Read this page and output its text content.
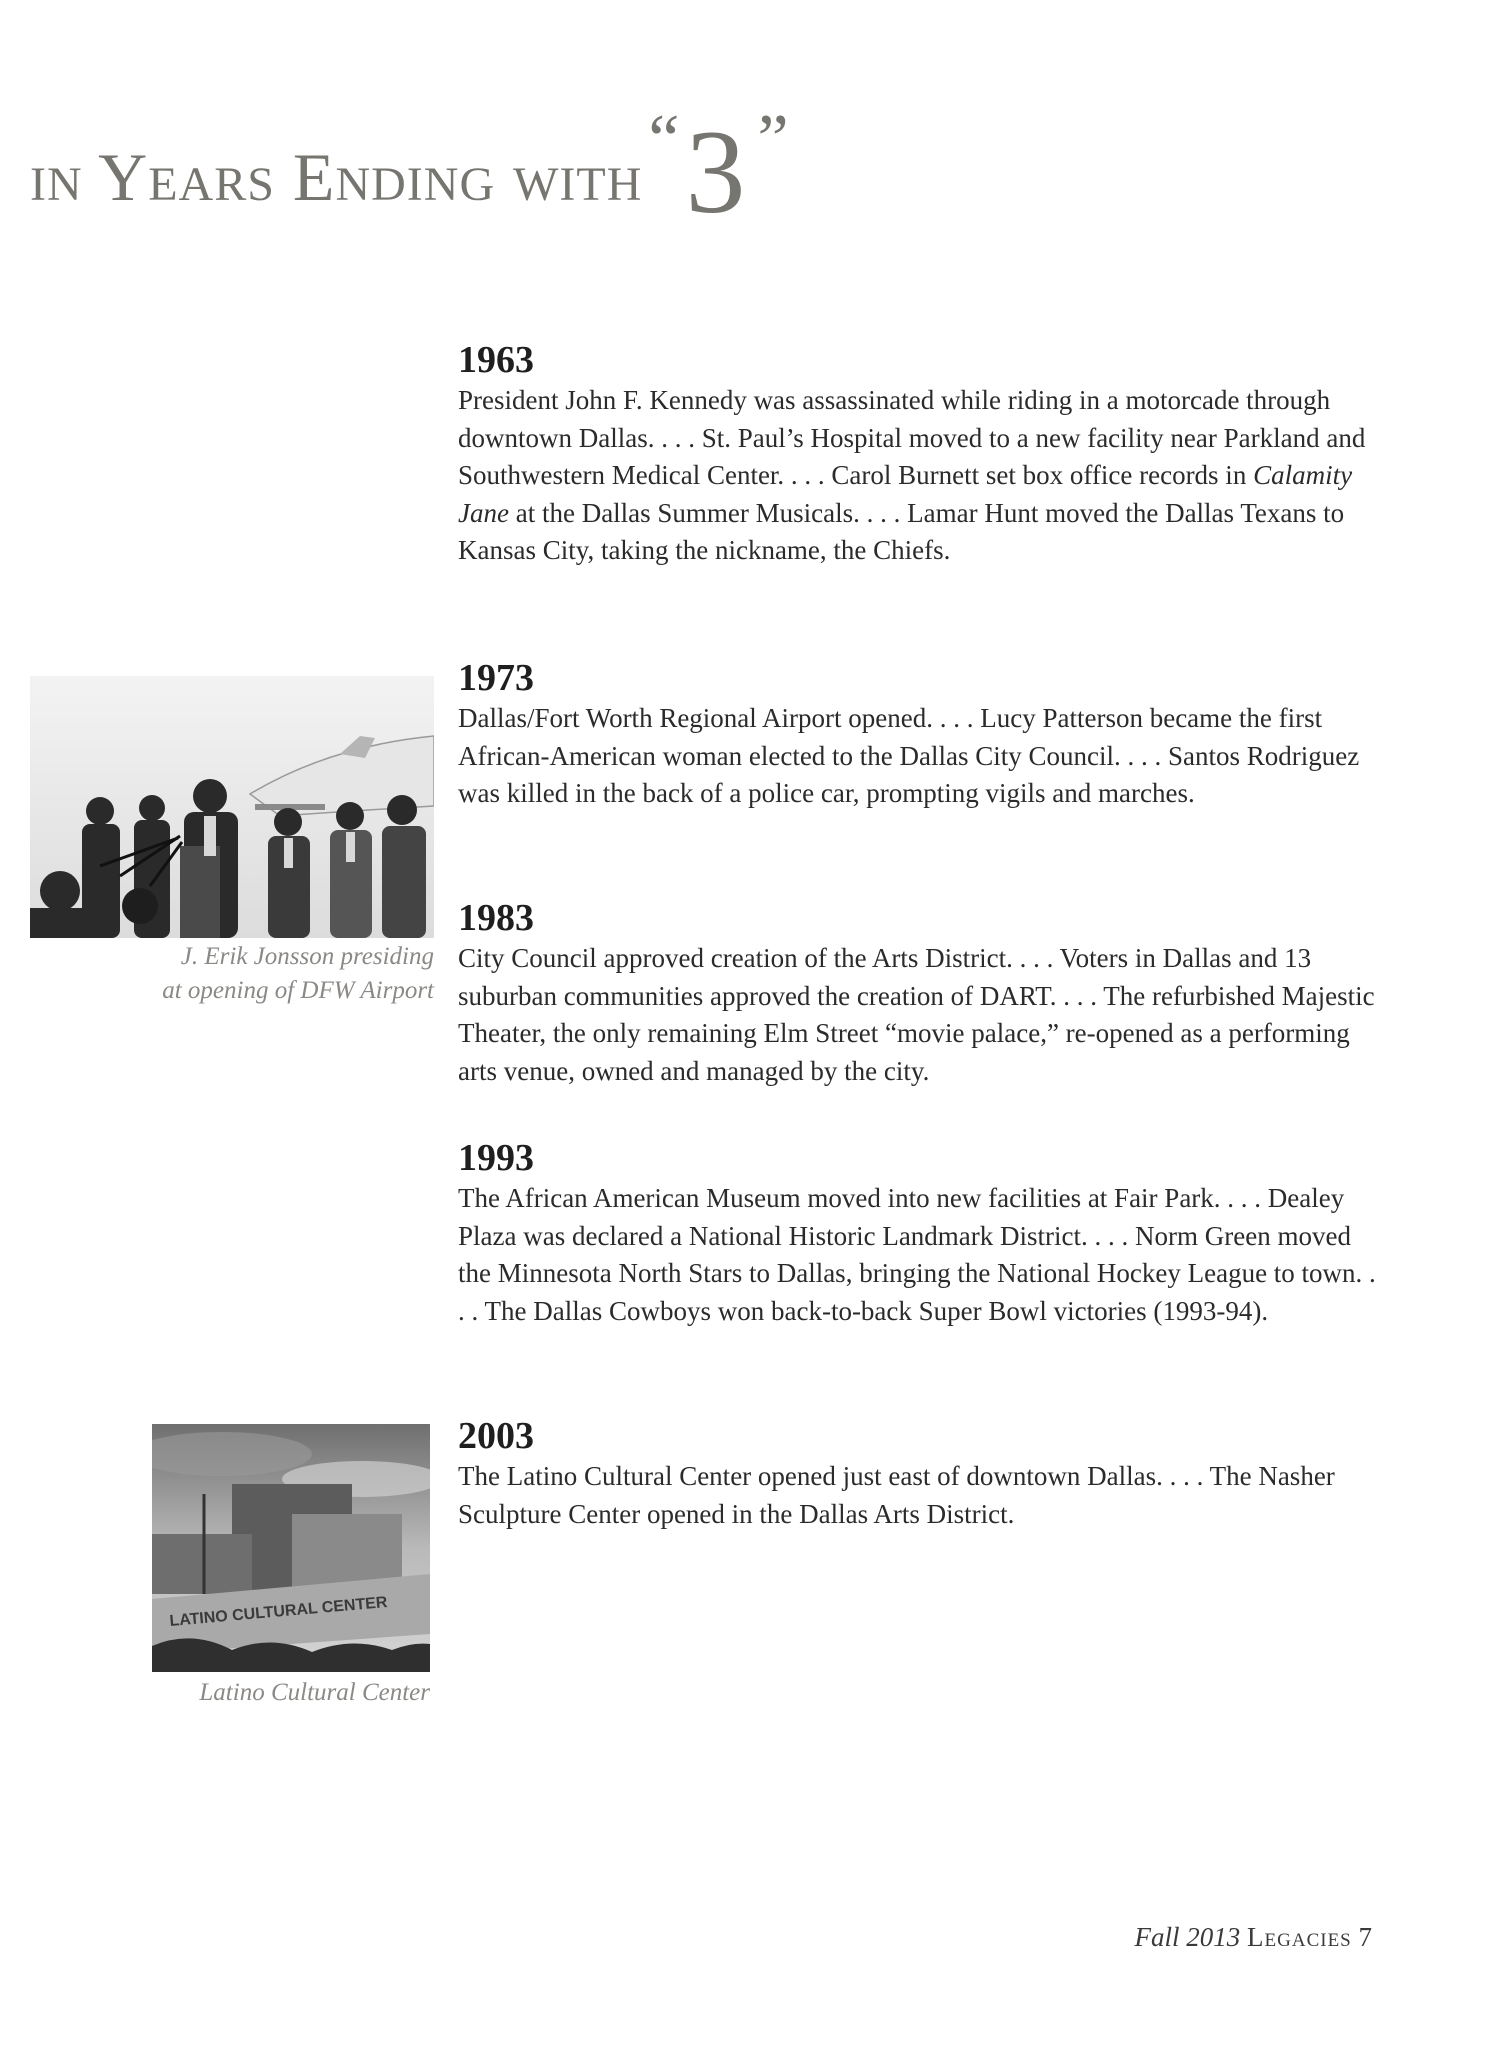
in Years Ending with“3 ”

1963

President John F. Kennedy was assassinated while riding in a motorcade through downtown Dallas. . . . St. Paul’s Hospital moved to a new facility near Parkland and Southwestern Medical Center. . . . Carol Burnett set box office records in Calamity Jane at the Dallas Summer Musicals. . . . Lamar Hunt moved the Dallas Texans to Kansas City, taking the nickname, the Chiefs.

1973

Dallas/Fort Worth Regional Airport opened. . . . Lucy Patterson became the first African-American woman elected to the Dallas City Council. . . . Santos Rodriguez was killed in the back of a police car, prompting vigils and marches.

1983

City Council approved creation of the Arts District. . . . Voters in Dallas and 13 suburban communities approved the creation of DART. . . . The refurbished Majestic Theater, the only remaining Elm Street “movie palace,” re-opened as a performing arts venue, owned and managed by the city.

1993

The African American Museum moved into new facilities at Fair Park. . . . Dealey Plaza was declared a National Historic Landmark District. . . . Norm Green moved the Minnesota North Stars to Dallas, bringing the National Hockey League to town. . . . The Dallas Cowboys won back-to-back Super Bowl victories (1993-94).

2003

The Latino Cultural Center opened just east of downtown Dallas. . . . The Nasher Sculpture Center opened in the Dallas Arts District.

J. Erik Jonsson presiding
at opening of DFW Airport
LATINO CULTURAL CENTER
Latino Cultural Center
Fall 2013 Legacies 7
